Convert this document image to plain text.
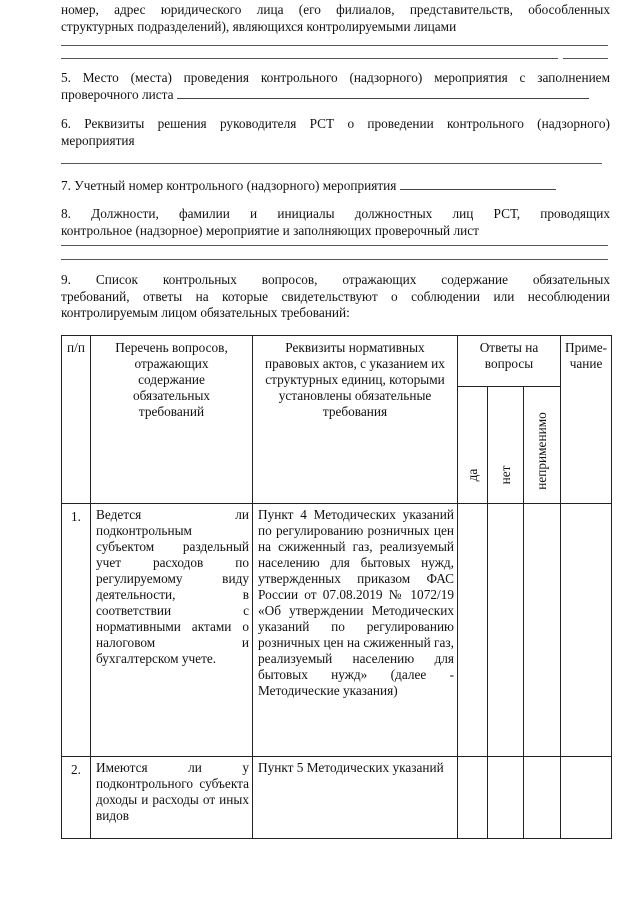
номер, адрес юридического лица (его филиалов, представительств, обособленных
структурных подразделений), являющихся контролируемыми лицами
5. Место (места) проведения контрольного (надзорного) мероприятия с заполнением
проверочного листа
6. Реквизиты решения руководителя РСТ о проведении контрольного (надзорного)
мероприятия
7. Учетный номер контрольного (надзорного) мероприятия
8. Должности, фамилии и инициалы должностных лиц РСТ, проводящих
контрольное (надзорное) мероприятие и заполняющих проверочный лист
9. Список контрольных вопросов, отражающих содержание обязательных
требований, ответы на которые свидетельствуют о соблюдении или несоблюдении
контролируемым лицом обязательных требований:
п/п	Перечень вопросов, отражающих содержание обязательных требований	Реквизиты нормативных правовых актов, с указанием их структурных единиц, которыми установлены обязательные требования	Ответы на вопросы			Приме-чание

			да	нет	неприменимо	

1.	Ведется ли подконтрольным субъектом раздельный учет расходов по регулируемому виду деятельности, в соответствии с нормативными актами о налоговом и бухгалтерском учете.	Пункт 4 Методических указаний по регулированию розничных цен на сжиженный газ, реализуемый населению для бытовых нужд, утвержденных приказом ФАС России от 07.08.2019 № 1072/19 «Об утверждении Методических указаний по регулированию розничных цен на сжиженный газ, реализуемый населению для бытовых нужд» (далее - Методические указания)				

2.	Имеются ли у подконтрольного субъекта доходы и расходы от иных видов	Пункт 5 Методических указаний				
